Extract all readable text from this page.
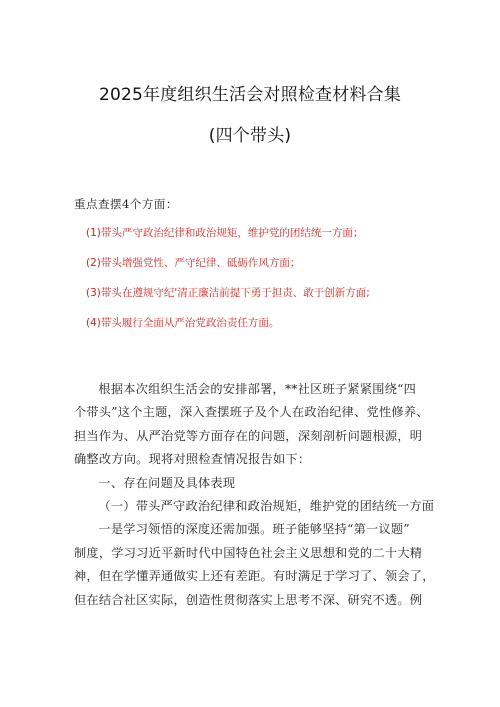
2025年度组织生活会对照检查材料合集
(四个带头)
重点查摆4个方面：
(1)带头严守政治纪律和政治规矩，维护党的团结统一方面；
(2)带头增强党性、严守纪律、砥砺作风方面；
(3)带头在遵规守纪'清正廉洁前提下勇于担责、敢于创新方面;
(4)带头履行全面从严治党政治责任方面。

根据本次组织生活会的安排部署，**社区班子紧紧围绕“四
个带头”这个主题，深入查摆班子及个人在政治纪律、党性修养、
担当作为、从严治党等方面存在的问题，深刻剖析问题根源，明
确整改方向。现将对照检查情况报告如下：

一、存在问题及具体表现

（一）带头严守政治纪律和政治规矩，维护党的团结统一方面

一是学习领悟的深度还需加强。班子能够坚持“第一议题”
制度，学习习近平新时代中国特色社会主义思想和党的二十大精
神，但在学懂弄通做实上还有差距。有时满足于学习了、领会了，
但在结合社区实际，创造性贯彻落实上思考不深、研究不透。例
